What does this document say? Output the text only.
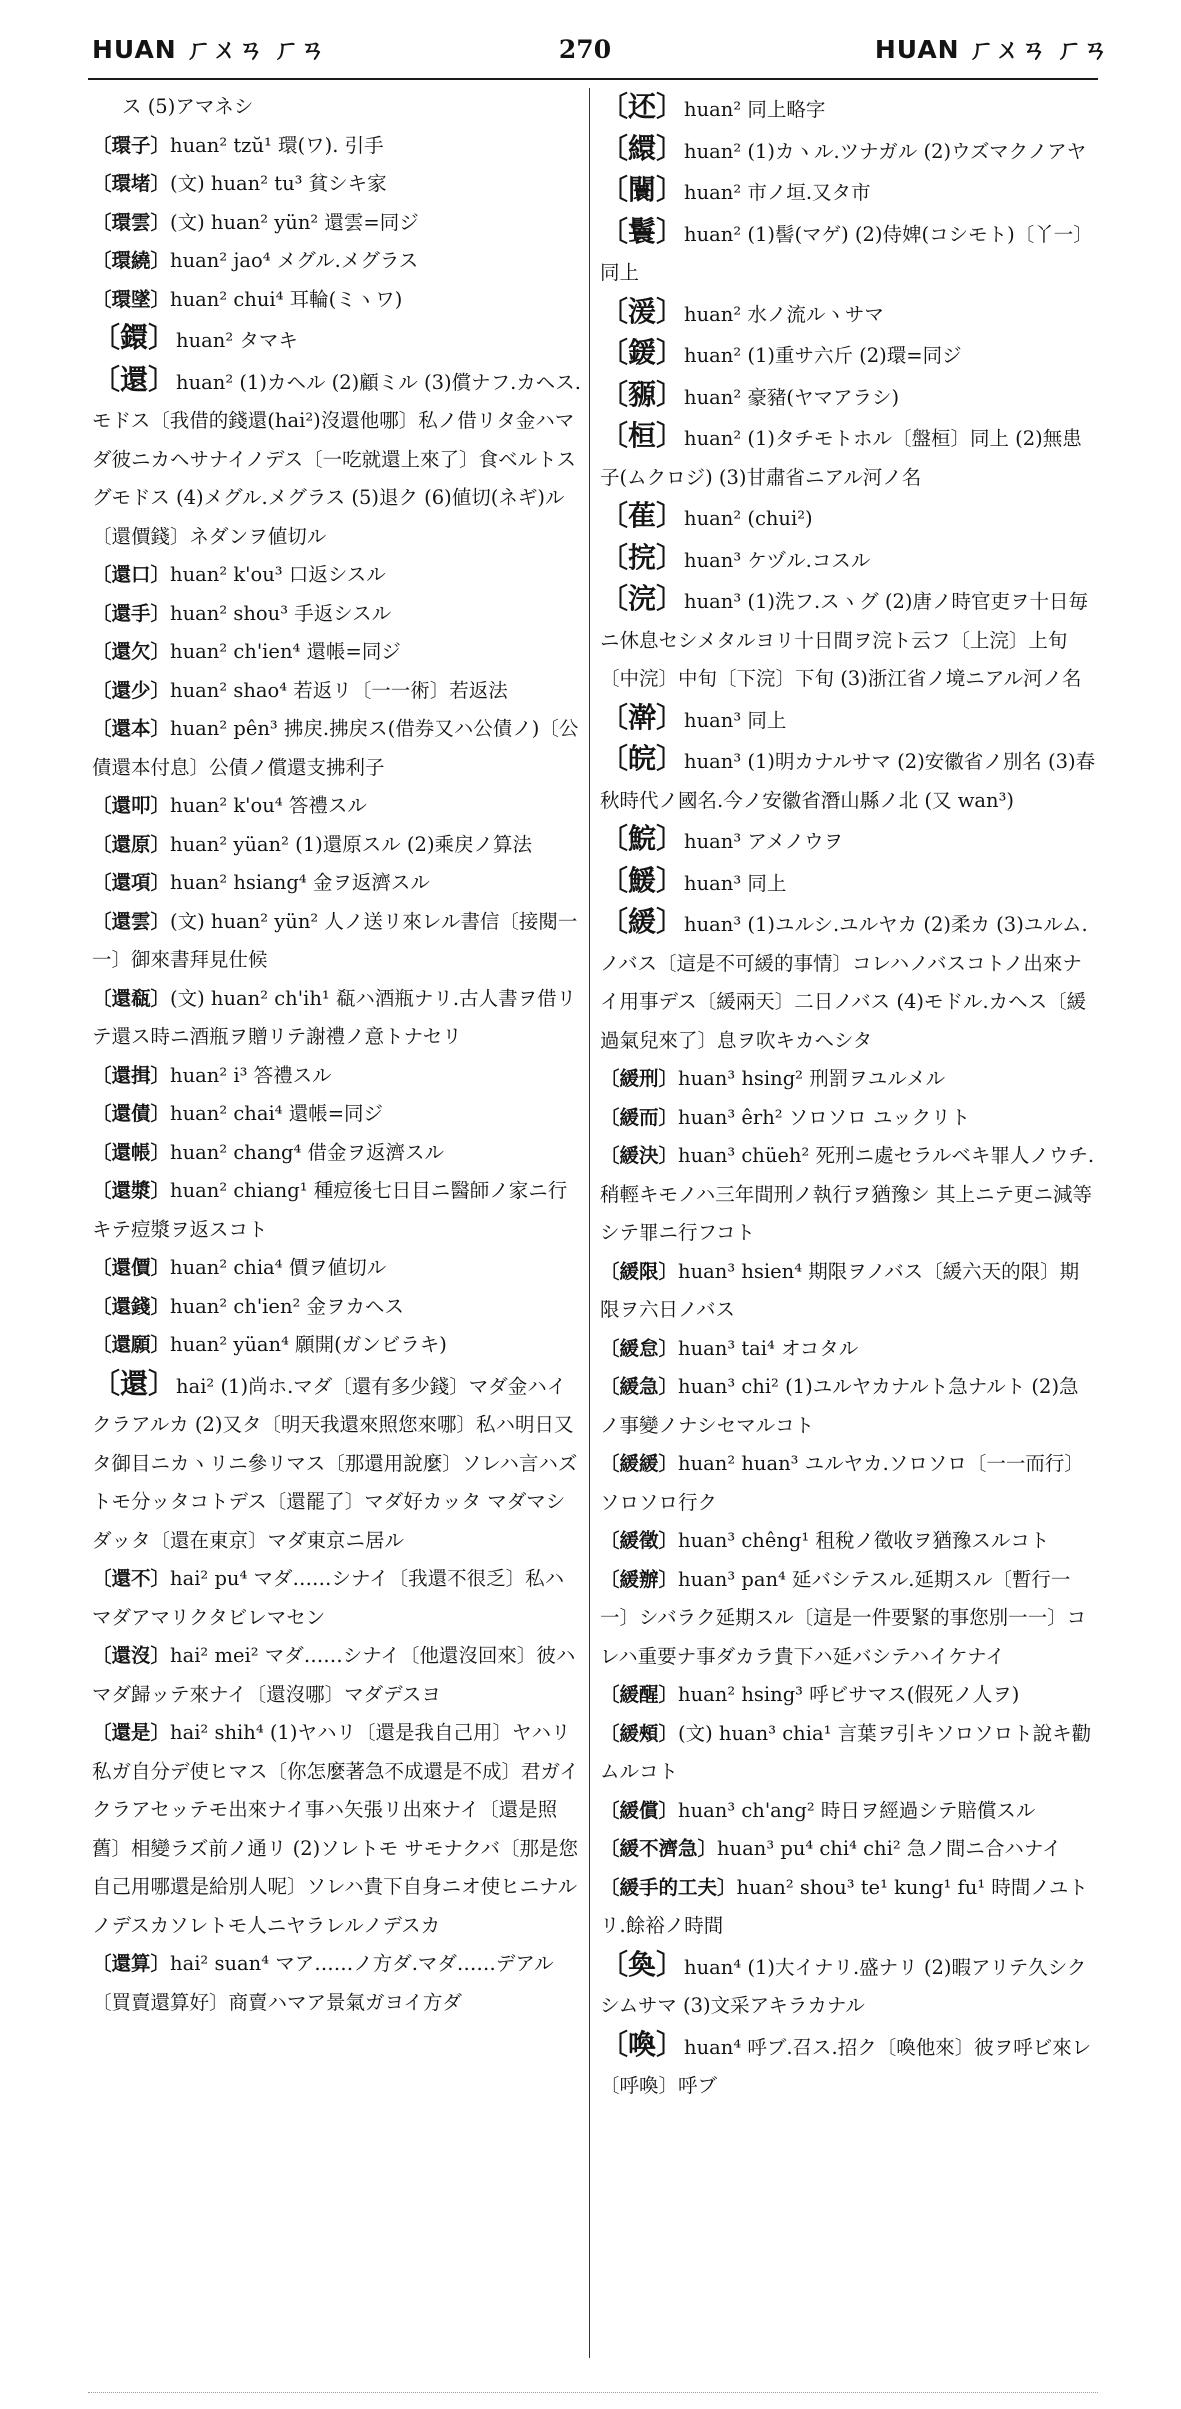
HUAN ㄏㄨㄢ ㄏㄢ	270	HUAN ㄏㄨㄢ ㄏㄢ

ス (5)アマネシ

〔環子〕huan² tzŭ¹ 環(ワ). 引手

〔環堵〕(文) huan² tu³ 貧シキ家

〔環雲〕(文) huan² yün² 還雲=同ジ

〔環繞〕huan² jao⁴ メグル.メグラス

〔環墜〕huan² chui⁴ 耳輪(ミヽワ)

〔鐶〕huan² タマキ

〔還〕huan² (1)カヘル (2)顧ミル (3)償ナフ.カヘス.モドス〔我借的錢還(hai²)沒還他哪〕私ノ借リタ金ハマダ彼ニカヘサナイノデス〔一吃就還上來了〕食ベルトスグモドス (4)メグル.メグラス (5)退ク (6)値切(ネギ)ル〔還價錢〕ネダンヲ値切ル

〔還口〕huan² k'ou³ 口返シスル

〔還手〕huan² shou³ 手返シスル

〔還欠〕huan² ch'ien⁴ 還帳=同ジ

〔還少〕huan² shao⁴ 若返リ〔一一術〕若返法

〔還本〕huan² pên³ 拂戻.拂戻ス(借券又ハ公債ノ)〔公債還本付息〕公債ノ償還支拂利子

〔還叩〕huan² k'ou⁴ 答禮スル

〔還原〕huan² yüan² (1)還原スル (2)乘戻ノ算法

〔還項〕huan² hsiang⁴ 金ヲ返濟スル

〔還雲〕(文) huan² yün² 人ノ送リ來レル書信〔接閱一一〕御來書拜見仕候

〔還瓻〕(文) huan² ch'ih¹ 瓻ハ酒瓶ナリ.古人書ヲ借リテ還ス時ニ酒瓶ヲ贈リテ謝禮ノ意トナセリ

〔還揖〕huan² i³ 答禮スル

〔還債〕huan² chai⁴ 還帳=同ジ

〔還帳〕huan² chang⁴ 借金ヲ返濟スル

〔還漿〕huan² chiang¹ 種痘後七日目ニ醫師ノ家ニ行キテ痘漿ヲ返スコト

〔還價〕huan² chia⁴ 價ヲ値切ル

〔還錢〕huan² ch'ien² 金ヲカヘス

〔還願〕huan² yüan⁴ 願開(ガンビラキ)

〔還〕hai² (1)尚ホ.マダ〔還有多少錢〕マダ金ハイクラアルカ (2)又タ〔明天我還來照您來哪〕私ハ明日又タ御目ニカヽリニ參リマス〔那還用說麼〕ソレハ言ハズトモ分ッタコトデス〔還罷了〕マダ好カッタ マダマシダッタ〔還在東京〕マダ東京ニ居ル

〔還不〕hai² pu⁴ マダ……シナイ〔我還不很乏〕私ハマダアマリクタビレマセン

〔還沒〕hai² mei² マダ……シナイ〔他還沒回來〕彼ハマダ歸ッテ來ナイ〔還沒哪〕マダデスヨ

〔還是〕hai² shih⁴ (1)ヤハリ〔還是我自己用〕ヤハリ私ガ自分デ使ヒマス〔你怎麼著急不成還是不成〕君ガイクラアセッテモ出來ナイ事ハ矢張リ出來ナイ〔還是照舊〕相變ラズ前ノ通リ (2)ソレトモ サモナクバ〔那是您自己用哪還是給別人呢〕ソレハ貴下自身ニオ使ヒニナルノデスカソレトモ人ニヤラレルノデスカ

〔還算〕hai² suan⁴ マア……ノ方ダ.マダ……デアル〔買賣還算好〕商賣ハマア景氣ガヨイ方ダ

〔还〕huan² 同上略字

〔繯〕huan² (1)カヽル.ツナガル (2)ウズマクノアヤ

〔闤〕huan² 市ノ垣.又タ市

〔鬟〕huan² (1)髻(マゲ) (2)侍婢(コシモト)〔丫一〕同上

〔湲〕huan² 水ノ流ルヽサマ

〔鍰〕huan² (1)重サ六斤 (2)環=同ジ

〔豲〕huan² 豪豬(ヤマアラシ)

〔桓〕huan² (1)タチモトホル〔盤桓〕同上 (2)無患子(ムクロジ) (3)甘肅省ニアル河ノ名

〔萑〕huan² (chui²)

〔捖〕huan³ ケヅル.コスル

〔浣〕huan³ (1)洗フ.スヽグ (2)唐ノ時官吏ヲ十日毎ニ休息セシメタルヨリ十日間ヲ浣ト云フ〔上浣〕上旬〔中浣〕中旬〔下浣〕下旬 (3)浙江省ノ境ニアル河ノ名

〔澣〕huan³ 同上

〔皖〕huan³ (1)明カナルサマ (2)安徽省ノ別名 (3)春秋時代ノ國名.今ノ安徽省潛山縣ノ北 (又 wan³)

〔鯇〕huan³ アメノウヲ

〔鰀〕huan³ 同上

〔緩〕huan³ (1)ユルシ.ユルヤカ (2)柔カ (3)ユルム.ノバス〔這是不可緩的事情〕コレハノバスコトノ出來ナイ用事デス〔緩兩天〕二日ノバス (4)モドル.カヘス〔緩過氣兒來了〕息ヲ吹キカヘシタ

〔緩刑〕huan³ hsing² 刑罰ヲユルメル

〔緩而〕huan³ êrh² ソロソロ ユックリト

〔緩決〕huan³ chüeh² 死刑ニ處セラルベキ罪人ノウチ.稍輕キモノハ三年間刑ノ執行ヲ猶豫シ 其上ニテ更ニ減等シテ罪ニ行フコト

〔緩限〕huan³ hsien⁴ 期限ヲノバス〔緩六天的限〕期限ヲ六日ノバス

〔緩怠〕huan³ tai⁴ オコタル

〔緩急〕huan³ chi² (1)ユルヤカナルト急ナルト (2)急ノ事變ノナシセマルコト

〔緩緩〕huan² huan³ ユルヤカ.ソロソロ〔一一而行〕ソロソロ行ク

〔緩徵〕huan³ chêng¹ 租稅ノ徵收ヲ猶豫スルコト

〔緩辦〕huan³ pan⁴ 延バシテスル.延期スル〔暫行一一〕シバラク延期スル〔這是一件要緊的事您別一一〕コレハ重要ナ事ダカラ貴下ハ延バシテハイケナイ

〔緩醒〕huan² hsing³ 呼ビサマス(假死ノ人ヲ)

〔緩頰〕(文) huan³ chia¹ 言葉ヲ引キソロソロト說キ勸ムルコト

〔緩償〕huan³ ch'ang² 時日ヲ經過シテ賠償スル

〔緩不濟急〕huan³ pu⁴ chi⁴ chi² 急ノ間ニ合ハナイ

〔緩手的工夫〕huan² shou³ te¹ kung¹ fu¹ 時間ノユトリ.餘裕ノ時間

〔奐〕huan⁴ (1)大イナリ.盛ナリ (2)暇アリテ久シクシムサマ (3)文采アキラカナル

〔喚〕huan⁴ 呼ブ.召ス.招ク〔喚他來〕彼ヲ呼ビ來レ〔呼喚〕呼ブ
